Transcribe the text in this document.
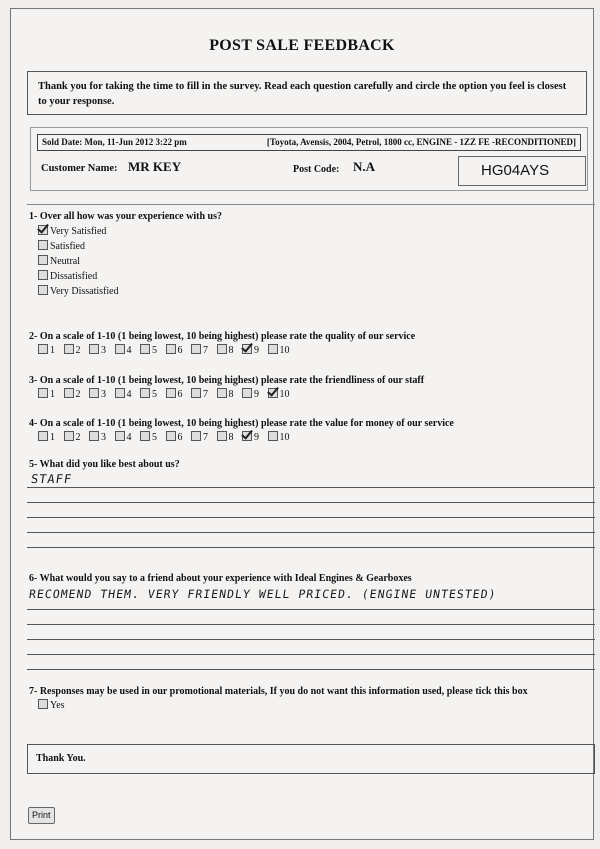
POST SALE FEEDBACK
Thank you for taking the time to fill in the survey. Read each question carefully and circle the option you feel is closest to your response.
Sold Date: Mon, 11-Jun 2012 3:22 pm	[Toyota, Avensis, 2004, Petrol, 1800 cc, ENGINE - 1ZZ FE -RECONDITIONED]
Customer Name: MR KEY	Post Code: N.A	HG04AYS
1- Over all how was your experience with us?
Very Satisfied
Satisfied
Neutral
Dissatisfied
Very Dissatisfied
2- On a scale of 1-10 (1 being lowest, 10 being highest) please rate the quality of our service
1 2 3 4 5 6 7 8 9 10
3- On a scale of 1-10 (1 being lowest, 10 being highest) please rate the friendliness of our staff
1 2 3 4 5 6 7 8 9 10
4- On a scale of 1-10 (1 being lowest, 10 being highest) please rate the value for money of our service
1 2 3 4 5 6 7 8 9 10
5- What did you like best about us?
STAFF
6- What would you say to a friend about your experience with Ideal Engines & Gearboxes
RECOMEND THEM. VERY FRIENDLY WELL PRICED. (ENGINE UNTESTED)
7- Responses may be used in our promotional materials, If you do not want this information used, please tick this box
Yes
Thank You.
Print
